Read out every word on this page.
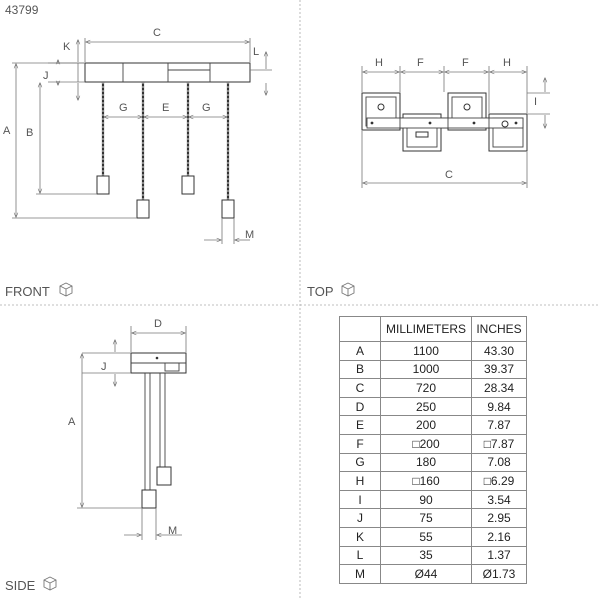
43799
C
K
J
L
B
A
G	E	G
M
FRONT
H	F	F	H
I
C
TOP
D
J
A
M
SIDE
	MILLIMETERS	INCHES
A	1100	43.30
B	1000	39.37
C	720	28.34
D	250	9.84
E	200	7.87
F	□200	□7.87
G	180	7.08
H	□160	□6.29
I	90	3.54
J	75	2.95
K	55	2.16
L	35	1.37
M	Ø44	Ø1.73
